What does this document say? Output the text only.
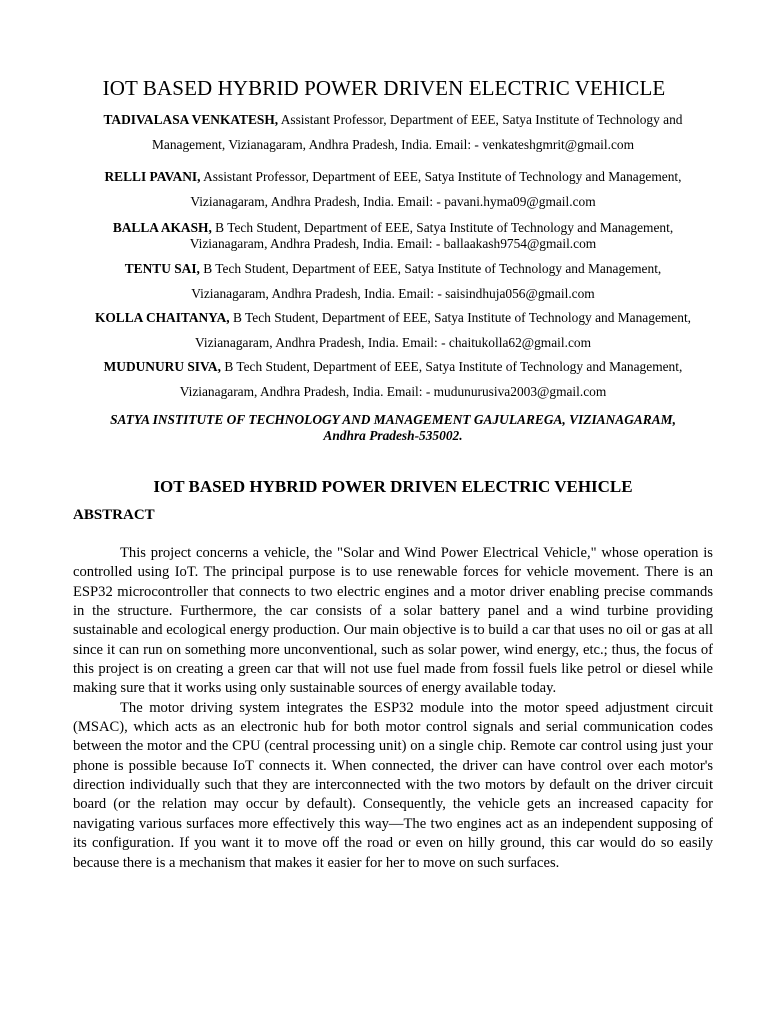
IOT BASED HYBRID POWER DRIVEN ELECTRIC VEHICLE

TADIVALASA VENKATESH, Assistant Professor, Department of EEE, Satya Institute of Technology and
Management, Vizianagaram, Andhra Pradesh, India. Email: - venkateshgmrit@gmail.com

RELLI PAVANI, Assistant Professor, Department of EEE, Satya Institute of Technology and Management,
Vizianagaram, Andhra Pradesh, India. Email: - pavani.hyma09@gmail.com

BALLA AKASH, B Tech Student, Department of EEE, Satya Institute of Technology and Management,
Vizianagaram, Andhra Pradesh, India. Email: - ballaakash9754@gmail.com

TENTU SAI, B Tech Student, Department of EEE, Satya Institute of Technology and Management,
Vizianagaram, Andhra Pradesh, India. Email: - saisindhuja056@gmail.com

KOLLA CHAITANYA, B Tech Student, Department of EEE, Satya Institute of Technology and Management,
Vizianagaram, Andhra Pradesh, India. Email: - chaitukolla62@gmail.com

MUDUNURU SIVA, B Tech Student, Department of EEE, Satya Institute of Technology and Management,
Vizianagaram, Andhra Pradesh, India. Email: - mudunurusiva2003@gmail.com

SATYA INSTITUTE OF TECHNOLOGY AND MANAGEMENT GAJULAREGA, VIZIANAGARAM,
Andhra Pradesh-535002.

IOT BASED HYBRID POWER DRIVEN ELECTRIC VEHICLE
ABSTRACT

This project concerns a vehicle, the "Solar and Wind Power Electrical Vehicle," whose operation is controlled using IoT. The principal purpose is to use renewable forces for vehicle movement. There is an ESP32 microcontroller that connects to two electric engines and a motor driver enabling precise commands in the structure. Furthermore, the car consists of a solar battery panel and a wind turbine providing sustainable and ecological energy production. Our main objective is to build a car that uses no oil or gas at all since it can run on something more unconventional, such as solar power, wind energy, etc.; thus, the focus of this project is on creating a green car that will not use fuel made from fossil fuels like petrol or diesel while making sure that it works using only sustainable sources of energy available today.

The motor driving system integrates the ESP32 module into the motor speed adjustment circuit (MSAC), which acts as an electronic hub for both motor control signals and serial communication codes between the motor and the CPU (central processing unit) on a single chip. Remote car control using just your phone is possible because IoT connects it. When connected, the driver can have control over each motor's direction individually such that they are interconnected with the two motors by default on the driver circuit board (or the relation may occur by default). Consequently, the vehicle gets an increased capacity for navigating various surfaces more effectively this way—The two engines act as an independent supposing of its configuration. If you want it to move off the road or even on hilly ground, this car would do so easily because there is a mechanism that makes it easier for her to move on such surfaces.
